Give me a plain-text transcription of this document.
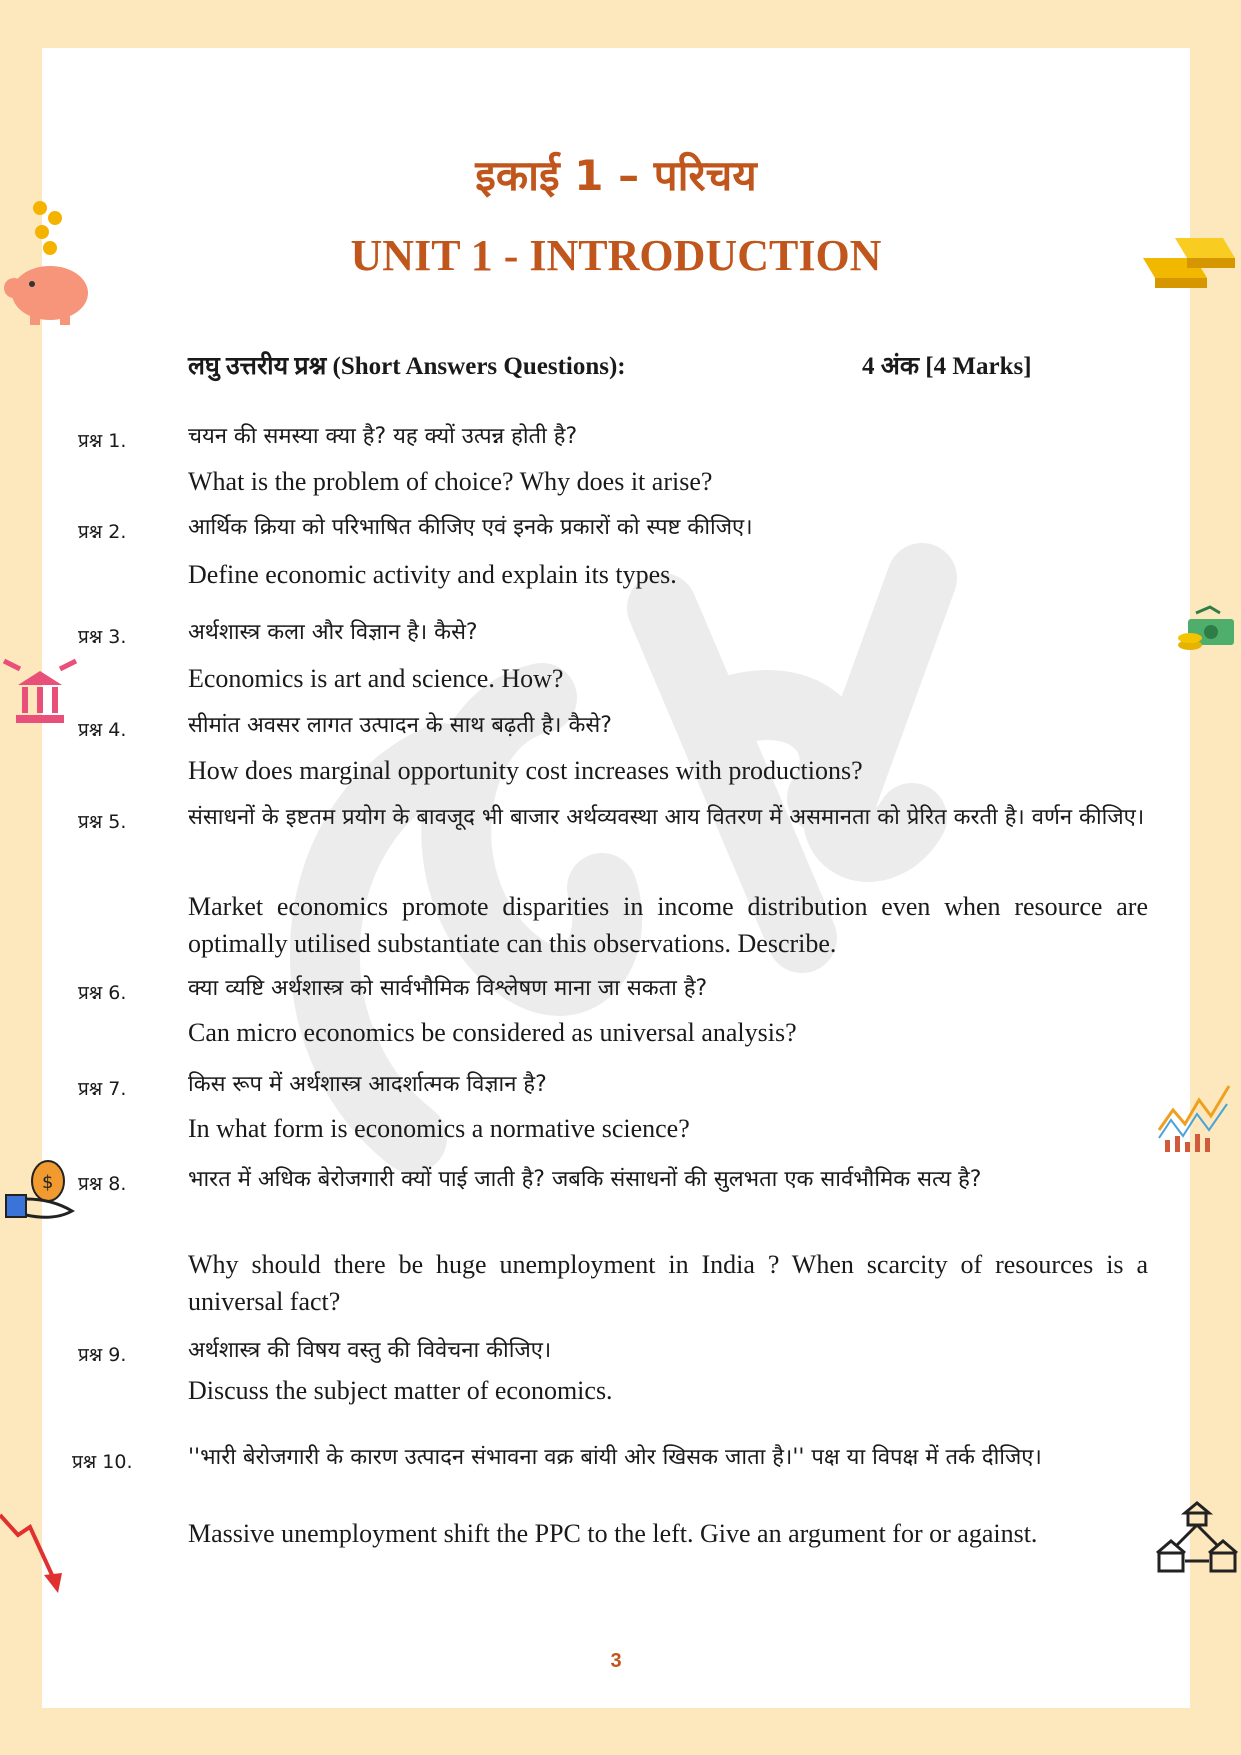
इकाई 1 – परिचय
UNIT 1 - INTRODUCTION
लघु उत्तरीय प्रश्न (Short Answers Questions):	4 अंक [4 Marks]
प्रश्न 1.	चयन की समस्या क्या है? यह क्यों उत्पन्न होती है?
What is the problem of choice? Why does it arise?
प्रश्न 2.	आर्थिक क्रिया को परिभाषित कीजिए एवं इनके प्रकारों को स्पष्ट कीजिए।
Define economic activity and explain its types.
प्रश्न 3.	अर्थशास्त्र कला और विज्ञान है। कैसे?
Economics is art and science. How?
प्रश्न 4.	सीमांत अवसर लागत उत्पादन के साथ बढ़ती है। कैसे?
How does marginal opportunity cost increases with productions?
प्रश्न 5.	संसाधनों के इष्टतम प्रयोग के बावजूद भी बाजार अर्थव्यवस्था आय वितरण में असमानता को प्रेरित करती है। वर्णन कीजिए।
Market economics promote disparities in income distribution even when resource are optimally utilised substantiate can this observations. Describe.
प्रश्न 6.	क्या व्यष्टि अर्थशास्त्र को सार्वभौमिक विश्लेषण माना जा सकता है?
Can micro economics be considered as universal analysis?
प्रश्न 7.	किस रूप में अर्थशास्त्र आदर्शात्मक विज्ञान है?
In what form is economics a normative science?
प्रश्न 8.	भारत में अधिक बेरोजगारी क्यों पाई जाती है? जबकि संसाधनों की सुलभता एक सार्वभौमिक सत्य है?
Why should there be huge unemployment in India ? When scarcity of resources is a universal fact?
प्रश्न 9.	अर्थशास्त्र की विषय वस्तु की विवेचना कीजिए।
Discuss the subject matter of economics.
प्रश्न 10.	''भारी बेरोजगारी के कारण उत्पादन संभावना वक्र बांयी ओर खिसक जाता है।'' पक्ष या विपक्ष में तर्क दीजिए।
Massive unemployment shift the PPC to the left. Give an argument for or against.
3
$
